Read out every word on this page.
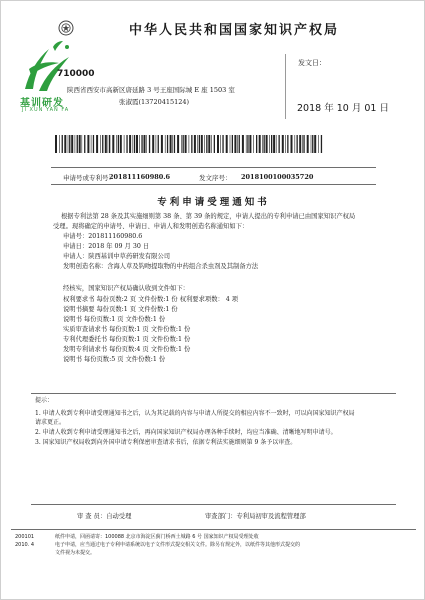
中华人民共和国国家知识产权局
基训研发
JI XUN YAN FA
710000
陕西省西安市高新区唐延路 3 号王座国际城 E 座 1503 室
张淑霞(13720415124)
发文日：
2018 年 10 月 01 日
申请号或专利号：
201811160980.6	发文序号： 2018100100035720
专利申请受理通知书
根据专利法第 28 条及其实施细则第 38 条、第 39 条的规定，申请人提出的专利申请已由国家知识产权局
受理。现将确定的申请号、申请日、申请人和发明创造名称通知如下：
申请号：201811160980.6
申请日：2018 年 09 月 30 日
申请人：陕西基训中草药研发有限公司
发明创造名称：含海人草及钩吻提取物的中药组合杀虫剂及其制备方法
经核实，国家知识产权局确认收到文件如下：
权利要求书 每份页数:2 页 文件份数:1 份 权利要求项数： 4 项
说明书摘要 每份页数:1 页 文件份数:1 份
说明书 每份页数:1 页 文件份数:1 份
实质审查请求书 每份页数:1 页 文件份数:1 份
专利代理委托书 每份页数:1 页 文件份数:1 份
发明专利请求书 每份页数:4 页 文件份数:1 份
说明书 每份页数:5 页 文件份数:1 份
提示：
1. 申请人收到专利申请受理通知书之后，认为其记载的内容与申请人所提交的相应内容不一致时，可以向国家知识产权局
请求更正。
2. 申请人收到专利申请受理通知书之后，再向国家知识产权局办理各种手续时，均应当准确、清晰地写明申请号。
3. 国家知识产权局收到向外国申请专利保密审查请求书后，依据专利法实施细则第 9 条予以审查。
审 查 员：自动受理	审查部门：专利局初审及流程管理部
200101
2010. 4
纸件申请，回函请寄：100088 北京市海淀区蓟门桥西土城路 6 号 国家知识产权局受理处收
电子申请，应当通过电子专利申请系统以电子文件形式提交相关文件。除另有规定外，以纸件等其他形式提交的
文件视为未提交。
